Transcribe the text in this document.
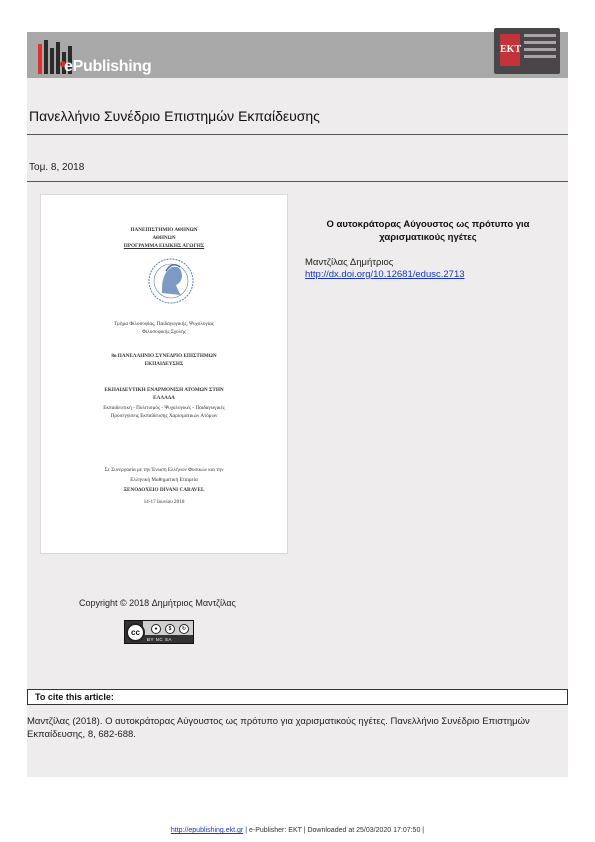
ePublishing
EKT
Πανελλήνιο Συνέδριο Επιστημών Εκπαίδευσης
Τομ. 8, 2018
ΠΑΝΕΠΙΣΤΗΜΙΟ ΑΘΗΝΩΝ
ΑΘΗΝΩΝ
ΠΡΟΓΡΑΜΜΑ ΕΙΔΙΚΗΣ ΑΓΩΓΗΣ
Τμήμα Φιλοσοφίας, Παιδαγωγικής, Ψυχολογίας
Φιλοσοφικής Σχολής
8ο ΠΑΝΕΛΛΗΝΙΟ ΣΥΝΕΔΡΙΟ ΕΠΙΣΤΗΜΩΝ
ΕΚΠΑΙΔΕΥΣΗΣ
ΕΚΠΑΙΔΕΥΤΙΚΗ ΕΝΑΡΜΟΝΙΣΗ ΑΤΟΜΩΝ ΣΤΗΝ
ΕΛΛΑΔΑ
Εκπαιδευτική - Πολιτισμός - Ψυχολογικές - Παιδαγωγικές
Προσεγγίσεις Εκπαίδευσης Χαρισματικών Ατόμων
Σε Συνεργασία με την Ένωση Ελλήνων Φυσικών και την
Ελληνική Μαθηματική Εταιρεία
ΞΕΝΟΔΟΧΕΙΟ DIVANI CARAVEL
14-17 Ιουνίου 2018
Ο αυτοκράτορας Αύγουστος ως πρότυπο για χαρισματικούς ηγέτες
Μαντζίλας Δημήτριος
http://dx.doi.org/10.12681/edusc.2713
Copyright © 2018 Δημήτριος Μαντζίλας
cc	●	$	↻
BY NC SA
To cite this article:
Μαντζίλας (2018). Ο αυτοκράτορας Αύγουστος ως πρότυπο για χαρισματικούς ηγέτες. Πανελλήνιο Συνέδριο Επιστημών Εκπαίδευσης, 8, 682-688.
http://epublishing.ekt.gr | e-Publisher: EKT | Downloaded at 25/03/2020 17:07:50 |
